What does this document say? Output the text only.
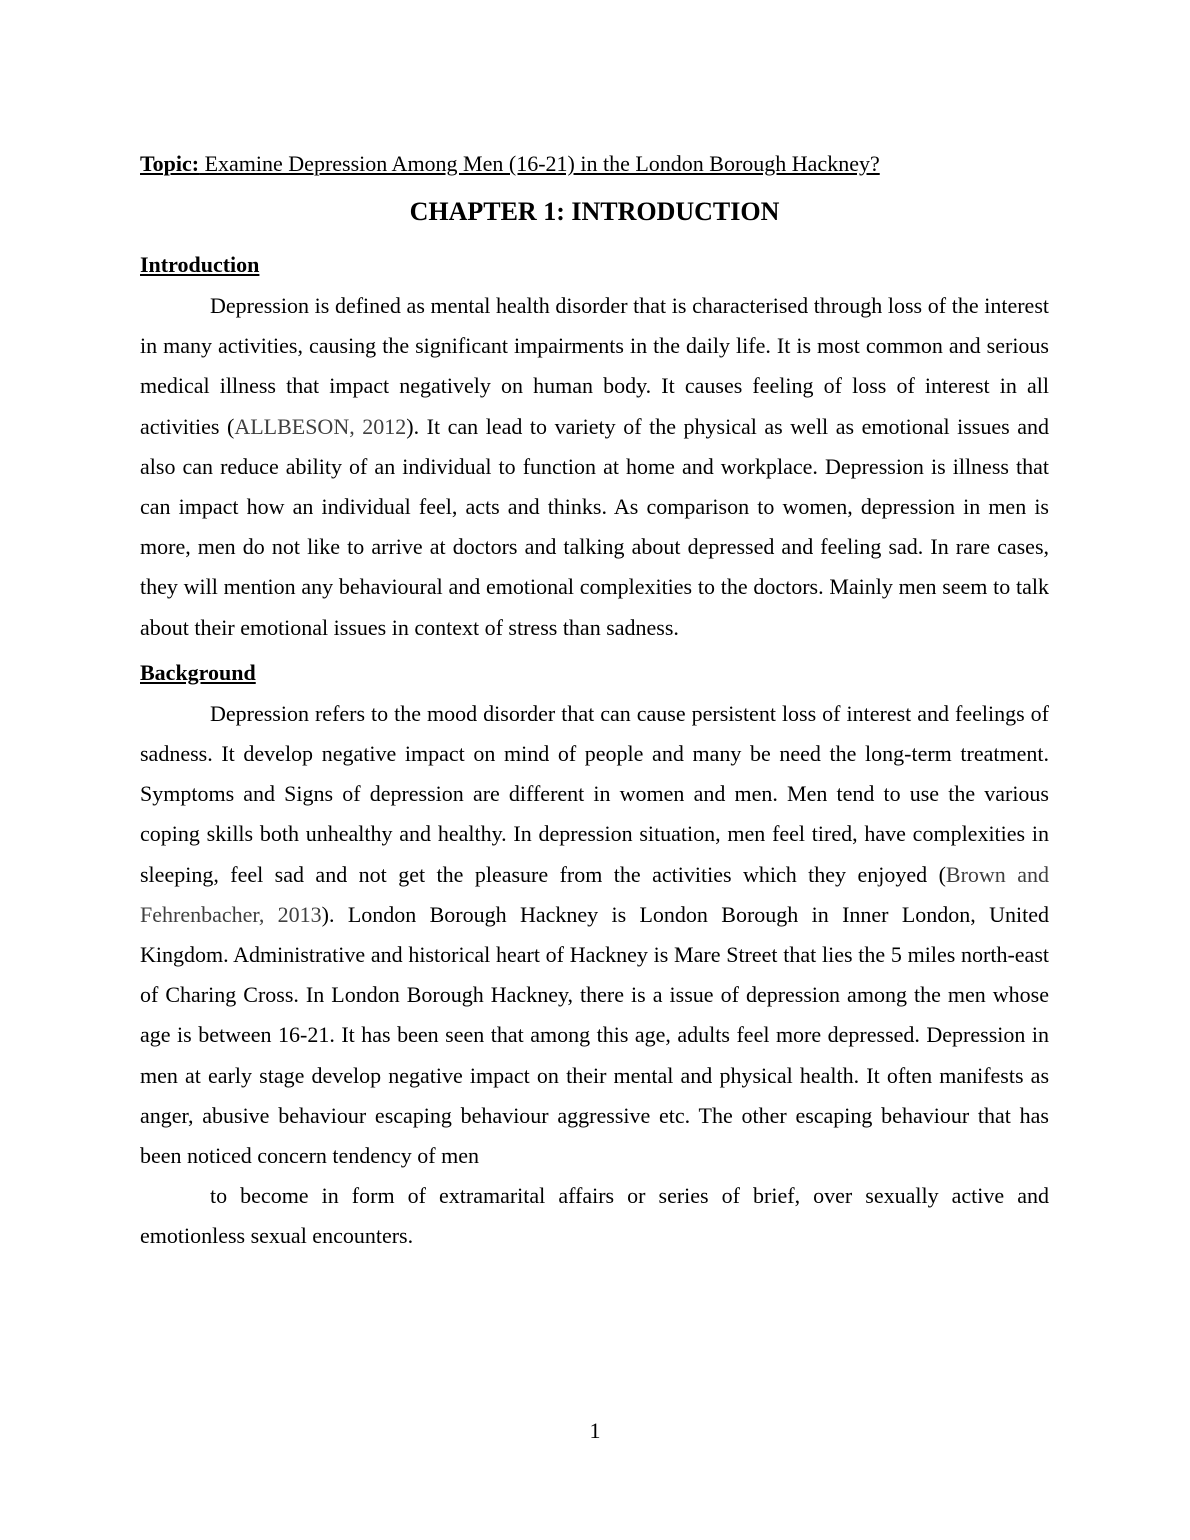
Topic: Examine Depression Among Men (16-21) in the London Borough Hackney?

CHAPTER 1: INTRODUCTION
Introduction

Depression is defined as mental health disorder that is characterised through loss of the interest in many activities, causing the significant impairments in the daily life. It is most common and serious medical illness that impact negatively on human body. It causes feeling of loss of interest in all activities (ALLBESON, 2012). It can lead to variety of the physical as well as emotional issues and also can reduce ability of an individual to function at home and workplace. Depression is illness that can impact how an individual feel, acts and thinks. As comparison to women, depression in men is more, men do not like to arrive at doctors and talking about depressed and feeling sad. In rare cases, they will mention any behavioural and emotional complexities to the doctors. Mainly men seem to talk about their emotional issues in context of stress than sadness.

Background

Depression refers to the mood disorder that can cause persistent loss of interest and feelings of sadness. It develop negative impact on mind of people and many be need the long-term treatment. Symptoms and Signs of depression are different in women and men. Men tend to use the various coping skills both unhealthy and healthy. In depression situation, men feel tired, have complexities in sleeping, feel sad and not get the pleasure from the activities which they enjoyed (Brown and Fehrenbacher, 2013). London Borough Hackney is London Borough in Inner London, United Kingdom. Administrative and historical heart of Hackney is Mare Street that lies the 5 miles north-east of Charing Cross. In London Borough Hackney, there is a issue of depression among the men whose age is between 16-21. It has been seen that among this age, adults feel more depressed. Depression in men at early stage develop negative impact on their mental and physical health. It often manifests as anger, abusive behaviour escaping behaviour aggressive etc. The other escaping behaviour that has been noticed concern tendency of men

to become in form of extramarital affairs or series of brief, over sexually active and emotionless sexual encounters.

1
